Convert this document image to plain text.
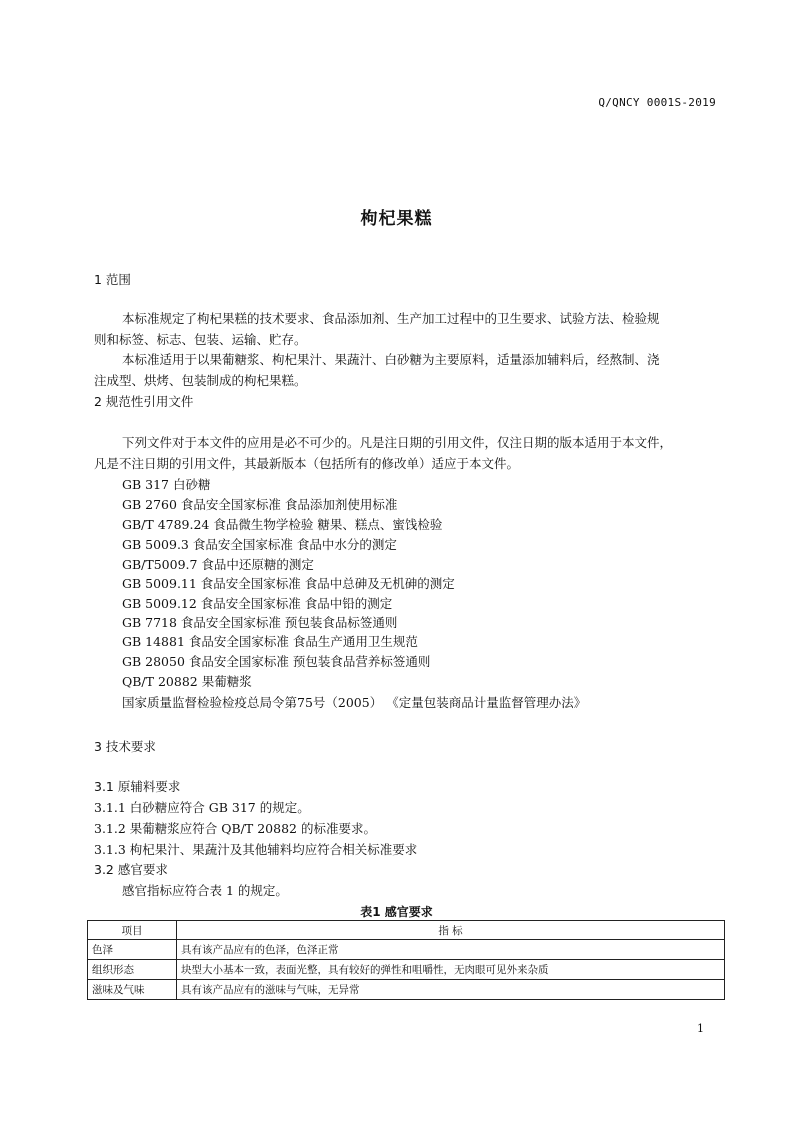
Q/QNCY 0001S-2019
枸杞果糕
1 范围
本标准规定了枸杞果糕的技术要求、食品添加剂、生产加工过程中的卫生要求、试验方法、检验规
则和标签、标志、包装、运输、贮存。
本标准适用于以果葡糖浆、枸杞果汁、果蔬汁、白砂糖为主要原料，适量添加辅料后，经熬制、浇
注成型、烘烤、包装制成的枸杞果糕。
2 规范性引用文件
下列文件对于本文件的应用是必不可少的。凡是注日期的引用文件，仅注日期的版本适用于本文件，
凡是不注日期的引用文件，其最新版本（包括所有的修改单）适应于本文件。
GB 317 白砂糖
GB 2760 食品安全国家标准 食品添加剂使用标准
GB/T 4789.24 食品微生物学检验 糖果、糕点、蜜饯检验
GB 5009.3 食品安全国家标准 食品中水分的测定
GB/T5009.7 食品中还原糖的测定
GB 5009.11 食品安全国家标准 食品中总砷及无机砷的测定
GB 5009.12 食品安全国家标准 食品中铅的测定
GB 7718 食品安全国家标准 预包装食品标签通则
GB 14881 食品安全国家标准 食品生产通用卫生规范
GB 28050 食品安全国家标准 预包装食品营养标签通则
QB/T 20882 果葡糖浆
国家质量监督检验检疫总局令第75号（2005） 《定量包装商品计量监督管理办法》
3 技术要求
3.1 原辅料要求
3.1.1 白砂糖应符合 GB 317 的规定。
3.1.2 果葡糖浆应符合 QB/T 20882 的标准要求。
3.1.3 枸杞果汁、果蔬汁及其他辅料均应符合相关标准要求
3.2 感官要求
感官指标应符合表 1 的规定。
表1 感官要求
项目	指 标
色泽	具有该产品应有的色泽，色泽正常
组织形态	块型大小基本一致，表面光整，具有较好的弹性和咀嚼性，无肉眼可见外来杂质
滋味及气味	具有该产品应有的滋味与气味，无异常
1
